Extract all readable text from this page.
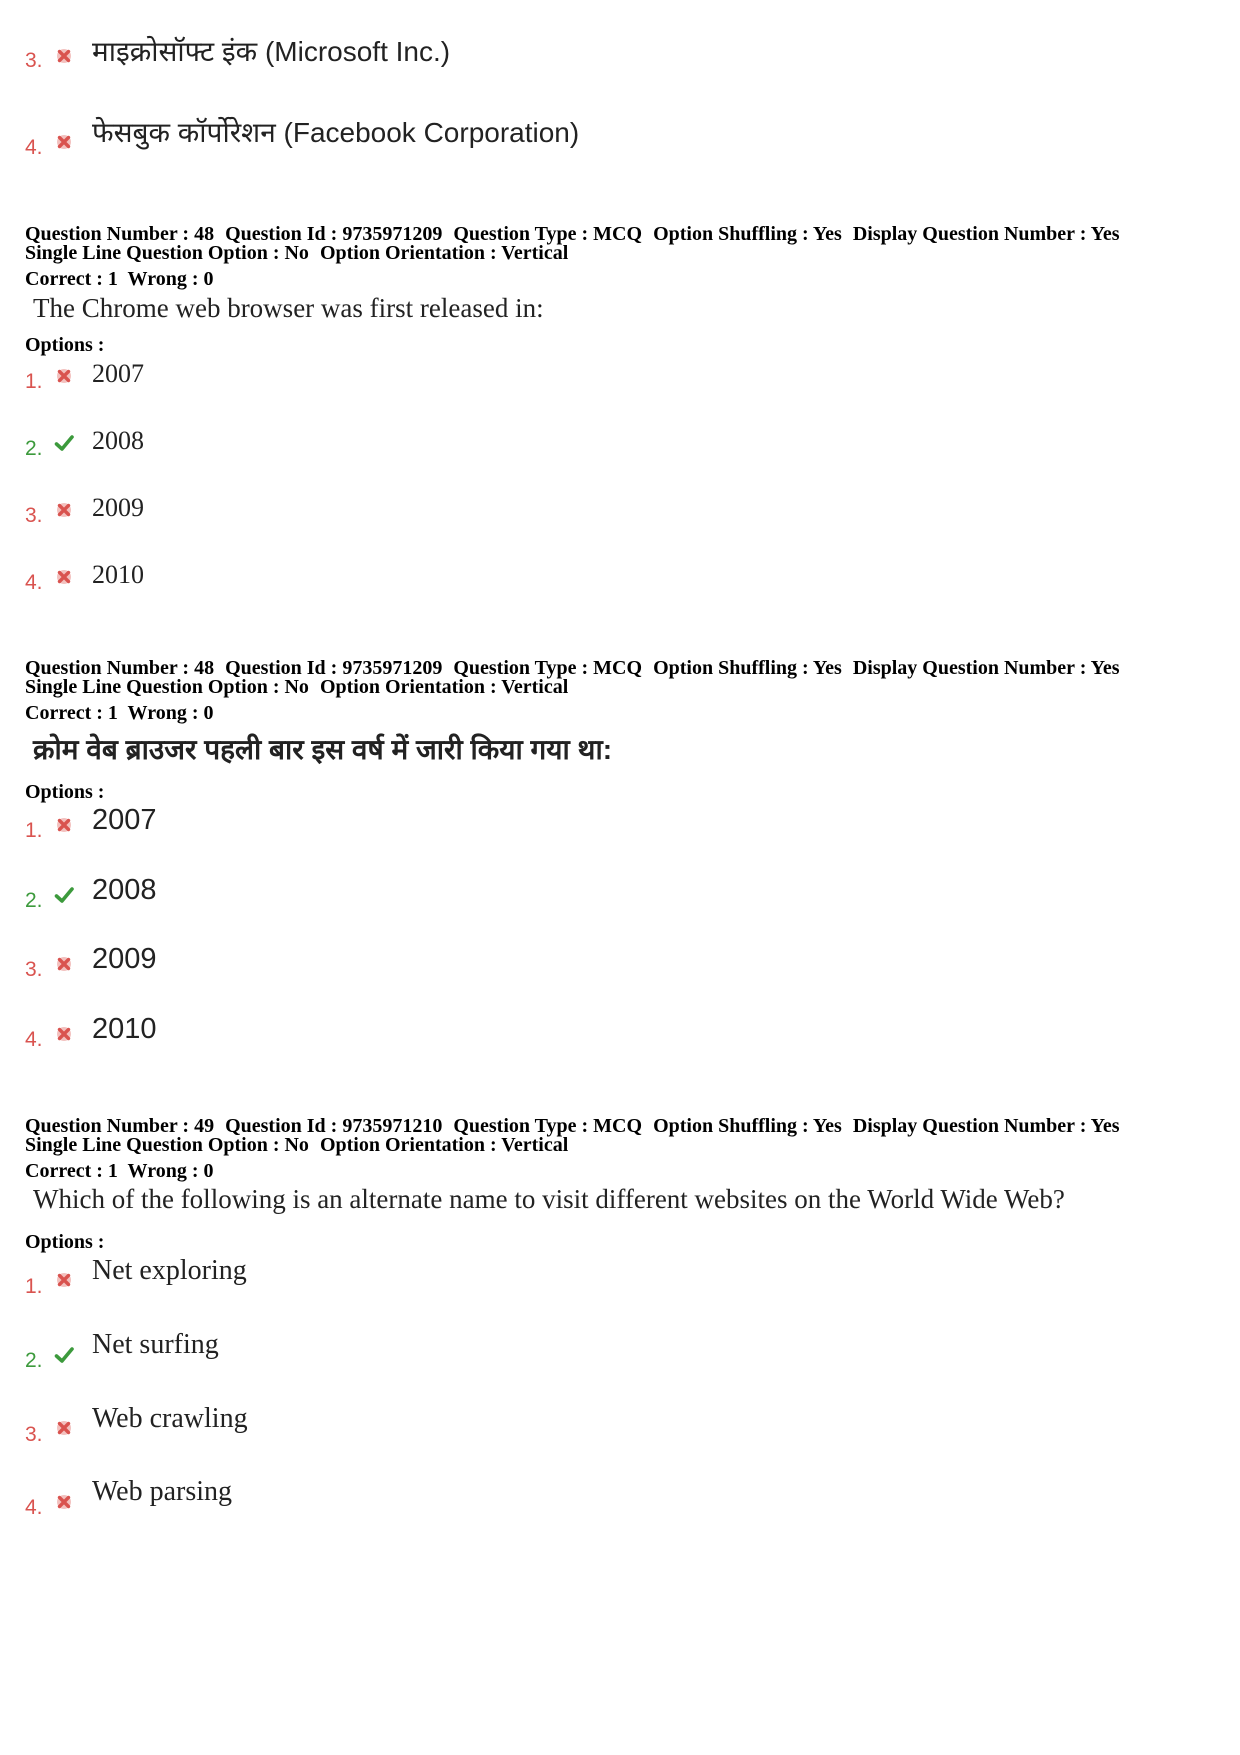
3. माइक्रोसॉफ्ट इंक (Microsoft Inc.)
4. फेसबुक कॉर्पोरेशन (Facebook Corporation)
Question Number : 48 Question Id : 9735971209 Question Type : MCQ Option Shuffling : Yes Display Question Number : Yes
Single Line Question Option : No Option Orientation : Vertical
Correct : 1  Wrong : 0
The Chrome web browser was first released in:
Options :
1. 2007
2. 2008
3. 2009
4. 2010
Question Number : 48 Question Id : 9735971209 Question Type : MCQ Option Shuffling : Yes Display Question Number : Yes
Single Line Question Option : No Option Orientation : Vertical
Correct : 1  Wrong : 0
क्रोम वेब ब्राउजर पहली बार इस वर्ष में जारी किया गया था:
Options :
1. 2007
2. 2008
3. 2009
4. 2010
Question Number : 49 Question Id : 9735971210 Question Type : MCQ Option Shuffling : Yes Display Question Number : Yes
Single Line Question Option : No Option Orientation : Vertical
Correct : 1  Wrong : 0
Which of the following is an alternate name to visit different websites on the World Wide Web?
Options :
1.
Net exploring
2.
Net surfing
3.
Web crawling
4.
Web parsing
